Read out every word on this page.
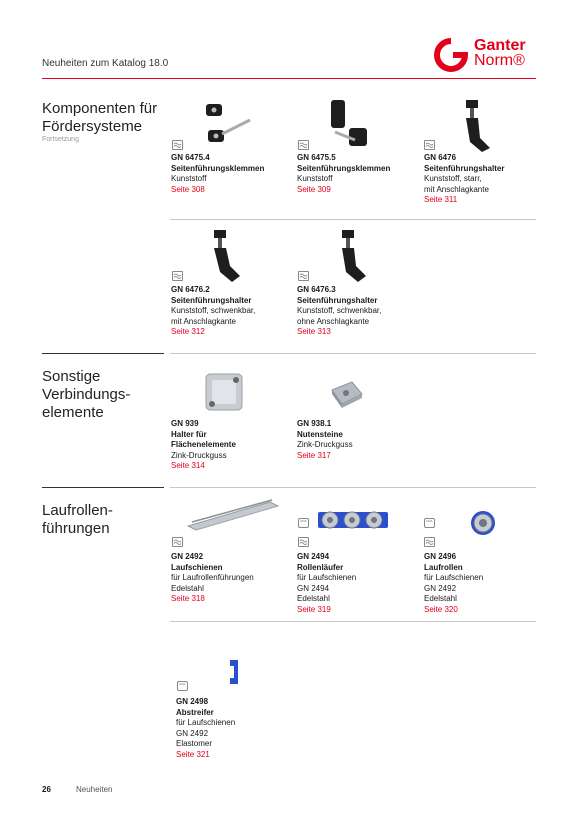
Neuheiten zum Katalog 18.0
Ganter
Norm®
Komponenten für
Fördersysteme
Fortsetzung
GN 6475.4
Seitenführungsklemmen
Kunststoff
Seite 308
GN 6475.5
Seitenführungsklemmen
Kunststoff
Seite 309
GN 6476
Seitenführungshalter
Kunststoff, starr,
mit Anschlagkante
Seite 311
GN 6476.2
Seitenführungshalter
Kunststoff, schwenkbar,
mit Anschlagkante
Seite 312
GN 6476.3
Seitenführungshalter
Kunststoff, schwenkbar,
ohne Anschlagkante
Seite 313
Sonstige
Verbindungs-
elemente
GN 939
Halter für
Flächenelemente
Zink-Druckguss
Seite 314
GN 938.1
Nutensteine
Zink-Druckguss
Seite 317
Laufrollen-
führungen
GN 2492
Laufschienen
für Laufrollenführungen
Edelstahl
Seite 318
FDA
GN 2494
Rollenläufer
für Laufschienen
GN 2494
Edelstahl
Seite 319
FDA
GN 2496
Laufrollen
für Laufschienen
GN 2492
Edelstahl
Seite 320
FDA
GN 2498
Abstreifer
für Laufschienen
GN 2492
Elastomer
Seite 321
26	Neuheiten
